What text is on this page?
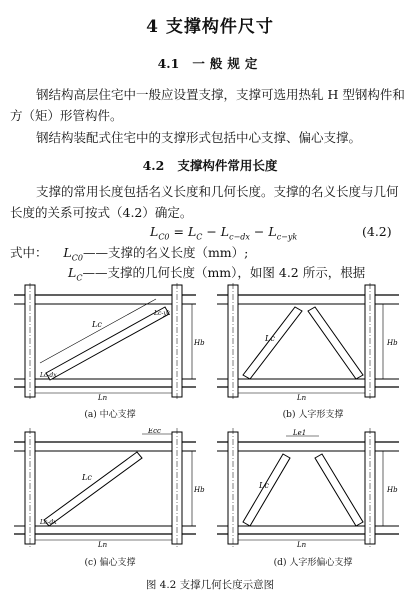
4 支撑构件尺寸
4.1 一般规定
钢结构高层住宅中一般应设置支撑，支撑可选用热轧 H 型钢构件和方（矩）形管构件。
钢结构装配式住宅中的支撑形式包括中心支撑、偏心支撑。
4.2 支撑构件常用长度
支撑的常用长度包括名义长度和几何长度。支撑的名义长度与几何长度的关系可按式（4.2）确定。
$L_{C0} = L_C - L_{c-dx} - L_{c-yk}$	(4.2)
式中： $L_{C0}——$支撑的名义长度（mm）;
$L_C——$支撑的几何长度（mm），如图 4.2 所示，根据
Lc
Lc-yk
Lc-dx
Hb
Ln
(a) 中心支撑
Lc	Hb
Ln
(b) 人字形支撑
Ecc
Lc
Lc-dx
Hb
Ln
(c) 偏心支撑
Le1
Lc	Hb
Ln
(d) 人字形偏心支撑
图 4.2 支撑几何长度示意图
